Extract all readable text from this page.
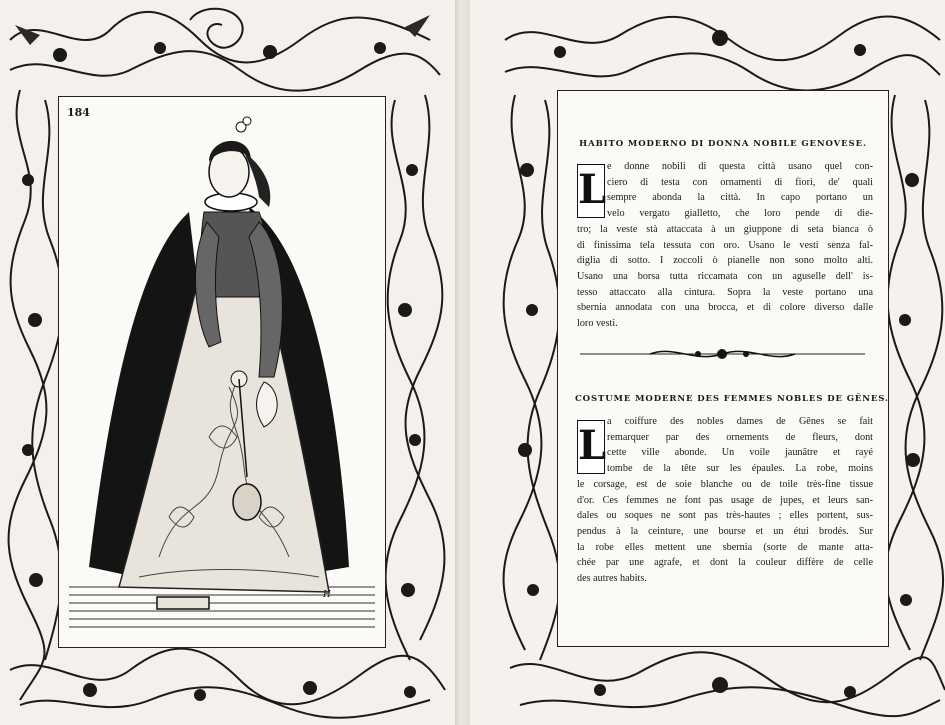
184
H
HABITO MODERNO DI DONNA NOBILE GENOVESE.
L e donne nobili di questa città usano quel con-
ciero di testa con ornamenti di fiori, de' quali
sempre abonda la città. In capo portano un
velo vergato gialletto, che loro pende di die-
tro; la veste stà attaccata à un giuppone di seta bianca ò
di finissima tela tessuta con oro. Usano le vesti senza fal-
diglia di sotto. I zoccoli ò pianelle non sono molto alti.
Usano una borsa tutta riccamata con un aguselle dell' is-
tesso attaccato alla cintura. Sopra la veste portano una
sbernia annodata con una brocca, et di colore diverso dalle
loro vesti.
COSTUME MODERNE DES FEMMES NOBLES DE GÊNES.
L
a coiffure des nobles dames de Gênes se fait
remarquer par des ornements de fleurs, dont
cette ville abonde. Un voile jaunâtre et rayé
tombe de la tête sur les épaules. La robe, moins
le corsage, est de soie blanche ou de toile très-fine tissue
d'or. Ces femmes ne font pas usage de jupes, et leurs san-
dales ou soques ne sont pas très-hautes ; elles portent, sus-
pendus à la ceinture, une bourse et un étui brodés. Sur
la robe elles mettent une sbernia (sorte de mante atta-
chée par une agrafe, et dont la couleur diffère de celle
des autres habits.
